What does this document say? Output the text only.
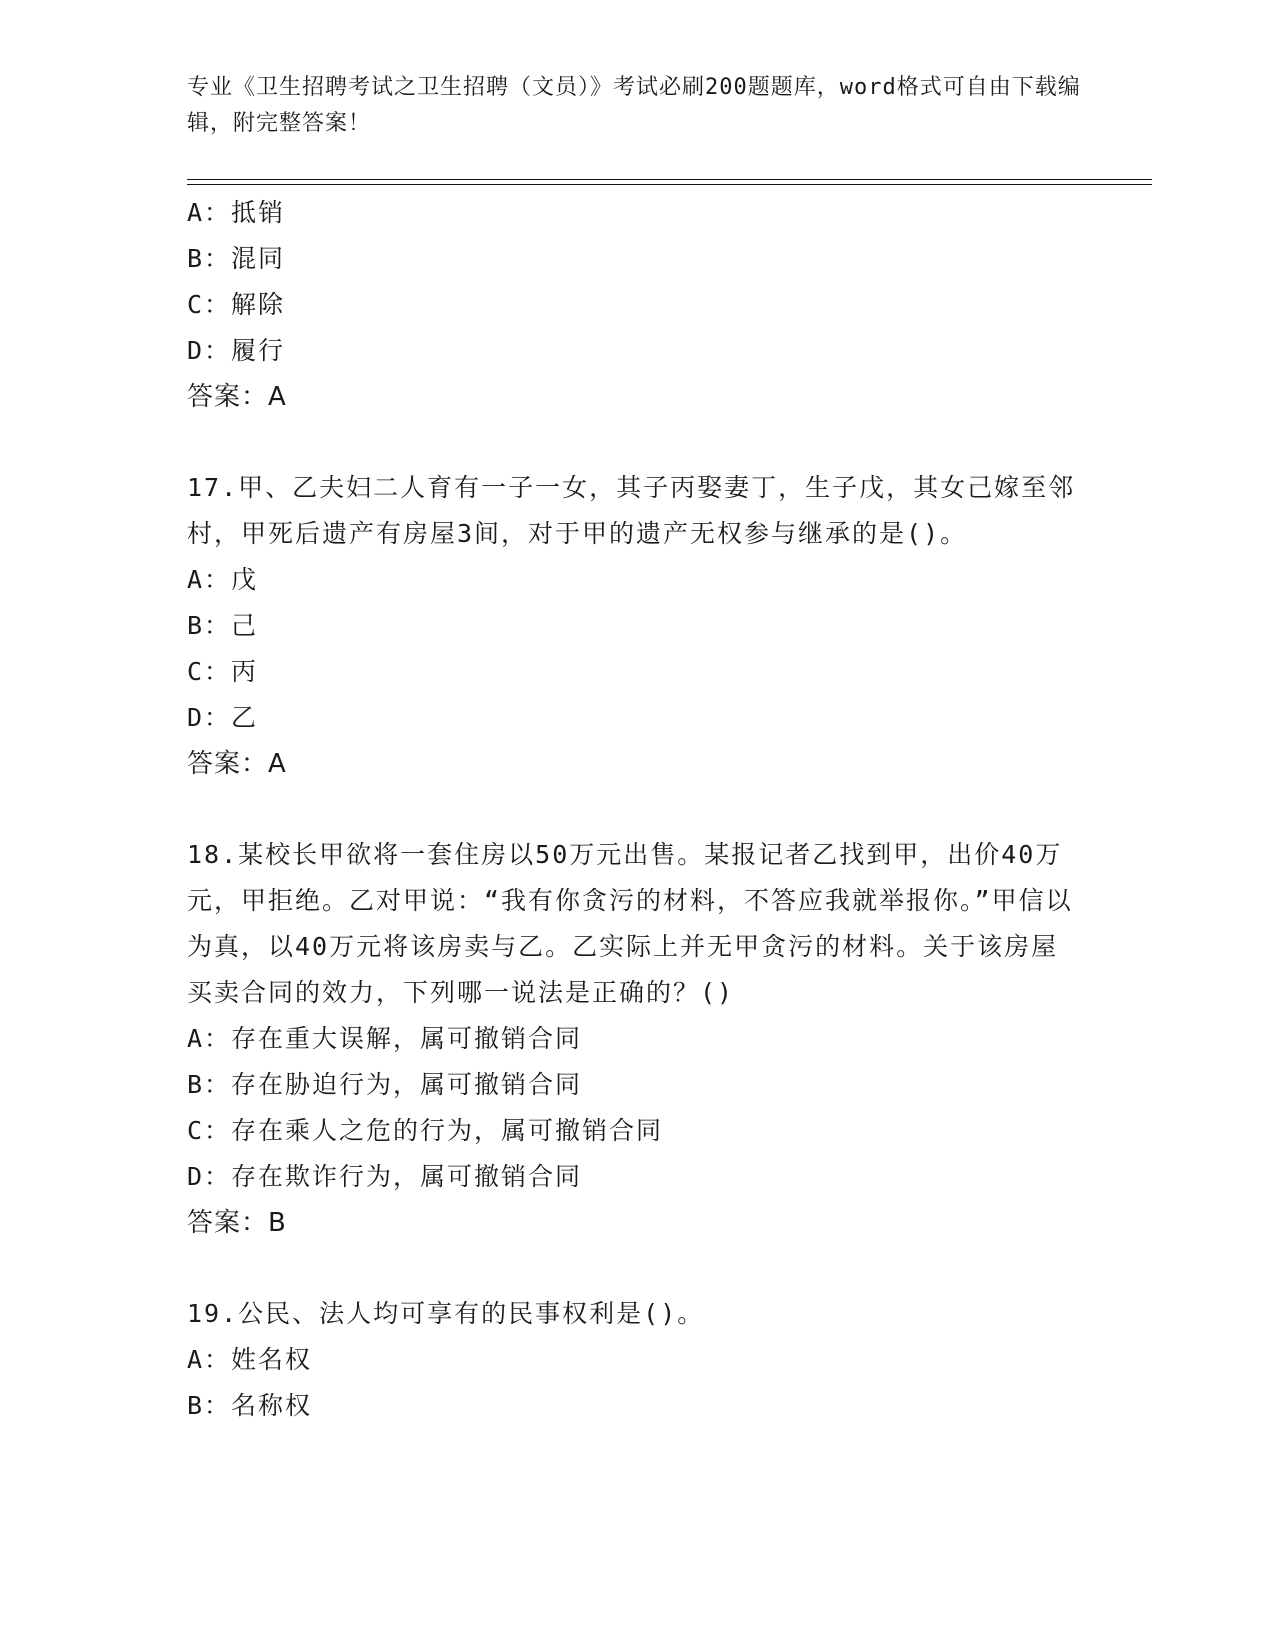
专业《卫生招聘考试之卫生招聘（文员）》考试必刷200题题库，word格式可自由下载编辑，附完整答案！
A：抵销
B：混同
C：解除
D：履行
答案：A
17.甲、乙夫妇二人育有一子一女，其子丙娶妻丁，生子戊，其女己嫁至邻村，甲死后遗产有房屋3间，对于甲的遗产无权参与继承的是()。
A：戊
B：己
C：丙
D：乙
答案：A
18.某校长甲欲将一套住房以50万元出售。某报记者乙找到甲，出价40万元，甲拒绝。乙对甲说：“我有你贪污的材料，不答应我就举报你。”甲信以为真，以40万元将该房卖与乙。乙实际上并无甲贪污的材料。关于该房屋买卖合同的效力，下列哪一说法是正确的？()
A：存在重大误解，属可撤销合同
B：存在胁迫行为，属可撤销合同
C：存在乘人之危的行为，属可撤销合同
D：存在欺诈行为，属可撤销合同
答案：B
19.公民、法人均可享有的民事权利是()。
A：姓名权
B：名称权
